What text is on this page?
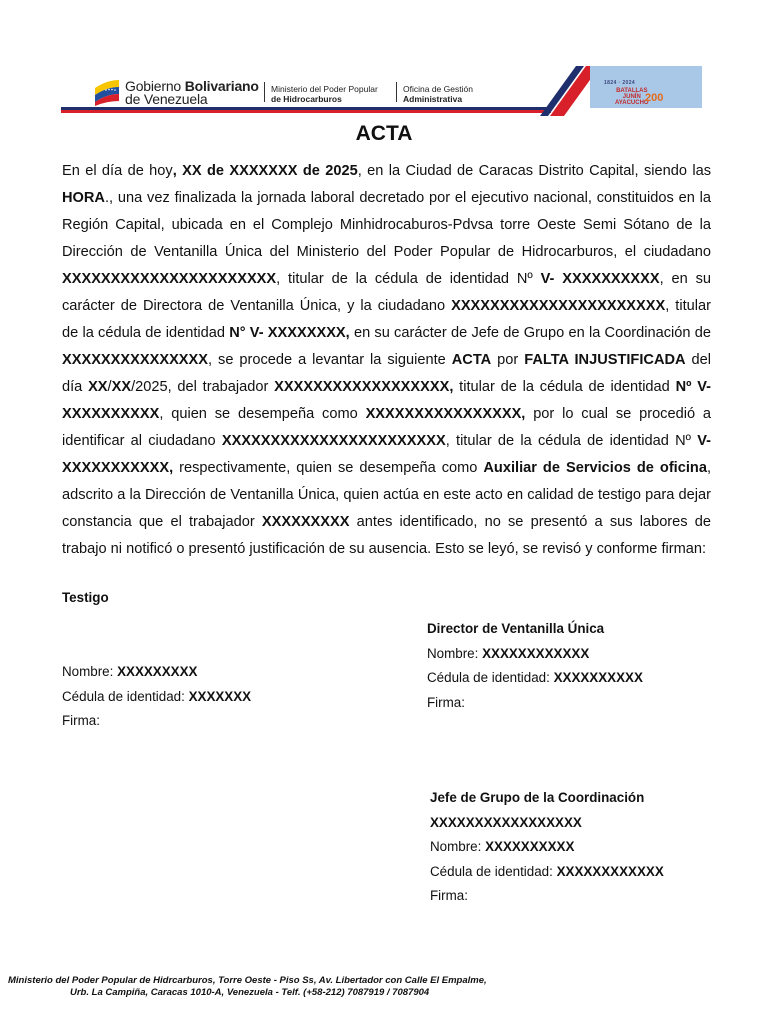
Gobierno Bolivariano
de Venezuela
Ministerio del Poder Popular
de Hidrocarburos
Oficina de Gestión
Administrativa
1824 · 2024
BATALLAS
JUNÍN
AYACUCHO
200
ACTA
En el día de hoy, XX de XXXXXXX de 2025, en la Ciudad de Caracas Distrito Capital, siendo las HORA., una vez finalizada la jornada laboral decretado por el ejecutivo nacional, constituidos en la Región Capital, ubicada en el Complejo Minhidrocaburos-Pdvsa torre Oeste Semi Sótano de la Dirección de Ventanilla Única del Ministerio del Poder Popular de Hidrocarburos, el ciudadano XXXXXXXXXXXXXXXXXXXXXX, titular de la cédula de identidad Nº V- XXXXXXXXXX, en su carácter de Directora de Ventanilla Única, y la ciudadano XXXXXXXXXXXXXXXXXXXXXX, titular de la cédula de identidad N° V- XXXXXXXX, en su carácter de Jefe de Grupo en la Coordinación de XXXXXXXXXXXXXXX, se procede a levantar la siguiente ACTA por FALTA INJUSTIFICADA del día XX/XX/2025, del trabajador XXXXXXXXXXXXXXXXXX, titular de la cédula de identidad Nº V- XXXXXXXXXX, quien se desempeña como XXXXXXXXXXXXXXXX, por lo cual se procedió a identificar al ciudadano XXXXXXXXXXXXXXXXXXXXXXX, titular de la cédula de identidad Nº V- XXXXXXXXXXX, respectivamente, quien se desempeña como Auxiliar de Servicios de oficina, adscrito a la Dirección de Ventanilla Única, quien actúa en este acto en calidad de testigo para dejar constancia que el trabajador XXXXXXXXX antes identificado, no se presentó a sus labores de trabajo ni notificó o presentó justificación de su ausencia. Esto se leyó, se revisó y conforme firman:
Testigo
Nombre: XXXXXXXXX
Cédula de identidad: XXXXXXX
Firma:
Director de Ventanilla Única
Nombre: XXXXXXXXXXXX
Cédula de identidad: XXXXXXXXXX
Firma:
Jefe de Grupo de la Coordinación
XXXXXXXXXXXXXXXXX
Nombre: XXXXXXXXXX
Cédula de identidad: XXXXXXXXXXXX
Firma:
Ministerio del Poder Popular de Hidrcarburos, Torre Oeste - Piso Ss, Av. Libertador con Calle El Empalme,
Urb. La Campiña, Caracas 1010-A, Venezuela - Telf. (+58-212) 7087919 / 7087904
